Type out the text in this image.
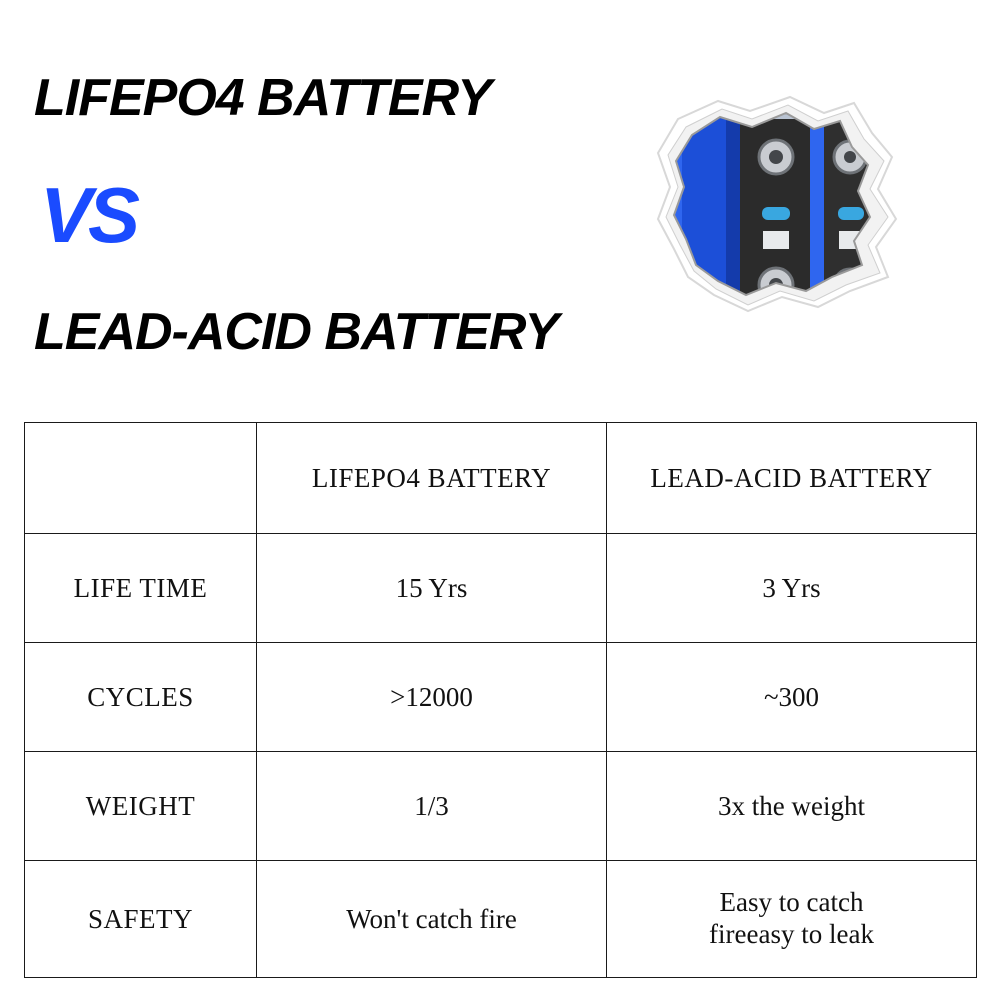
LIFEPO4 BATTERY
VS
LEAD-ACID BATTERY
	LIFEPO4 BATTERY	LEAD-ACID BATTERY
LIFE TIME	15 Yrs	3 Yrs
CYCLES	>12000	~300
WEIGHT	1/3	3x the weight
SAFETY	Won't catch fire	Easy to catch
fireeasy to leak
